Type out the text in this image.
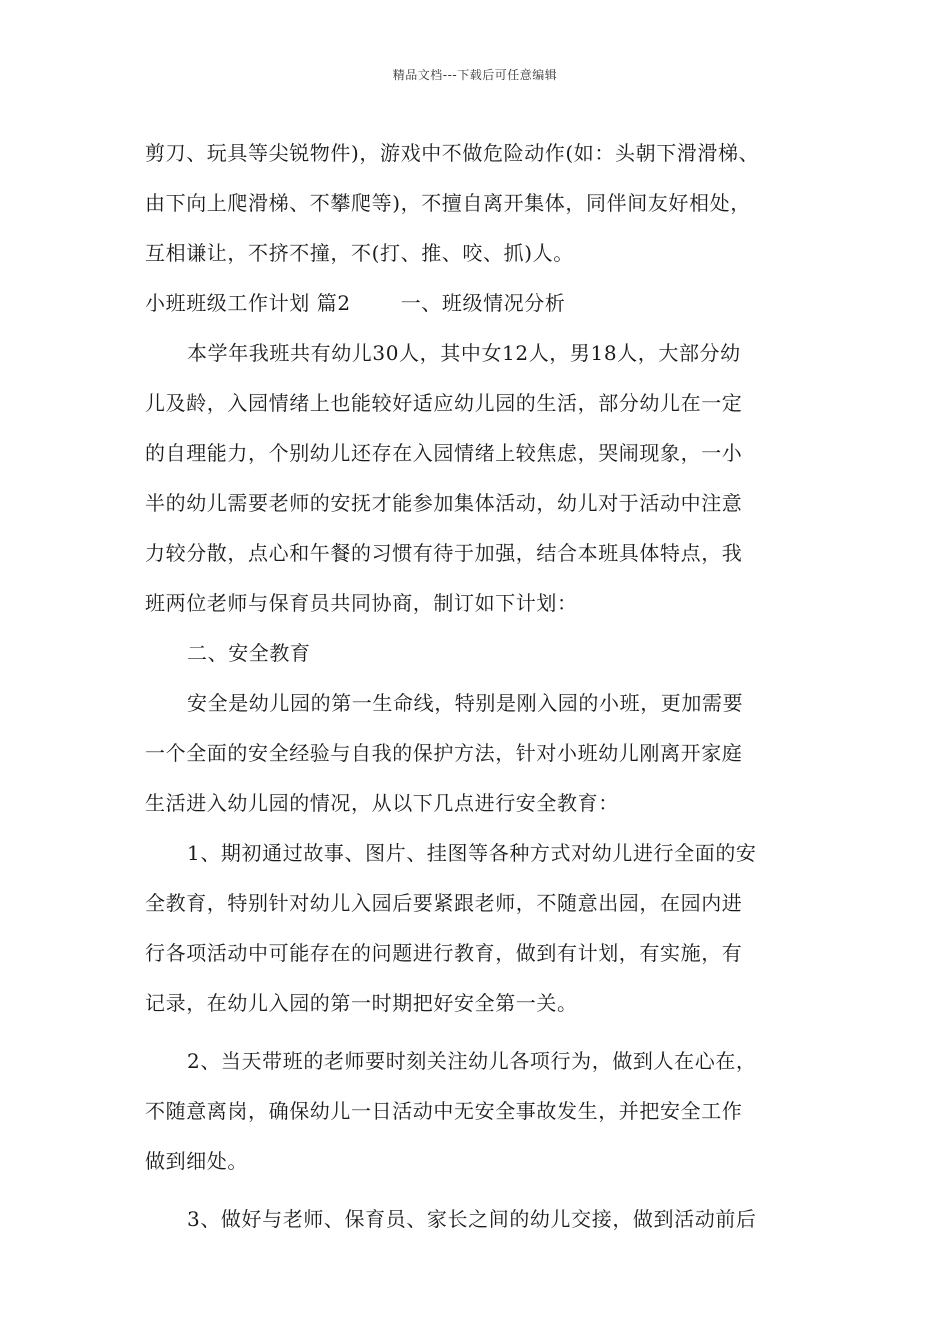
精品文档---下载后可任意编辑
剪刀、玩具等尖锐物件)，游戏中不做危险动作(如：头朝下滑滑梯、
由下向上爬滑梯、不攀爬等)，不擅自离开集体，同伴间友好相处，
互相谦让，不挤不撞，不(打、推、咬、抓)人。
小班班级工作计划 篇2	一、班级情况分析
本学年我班共有幼儿30人，其中女12人，男18人，大部分幼
儿及龄，入园情绪上也能较好适应幼儿园的生活，部分幼儿在一定
的自理能力，个别幼儿还存在入园情绪上较焦虑，哭闹现象，一小
半的幼儿需要老师的安抚才能参加集体活动，幼儿对于活动中注意
力较分散，点心和午餐的习惯有待于加强，结合本班具体特点，我
班两位老师与保育员共同协商，制订如下计划：
二、安全教育
安全是幼儿园的第一生命线，特别是刚入园的小班，更加需要
一个全面的安全经验与自我的保护方法，针对小班幼儿刚离开家庭
生活进入幼儿园的情况，从以下几点进行安全教育：
1、期初通过故事、图片、挂图等各种方式对幼儿进行全面的安
全教育，特别针对幼儿入园后要紧跟老师，不随意出园，在园内进
行各项活动中可能存在的问题进行教育，做到有计划，有实施，有
记录，在幼儿入园的第一时期把好安全第一关。
2、当天带班的老师要时刻关注幼儿各项行为，做到人在心在，
不随意离岗，确保幼儿一日活动中无安全事故发生，并把安全工作
做到细处。
3、做好与老师、保育员、家长之间的幼儿交接，做到活动前后
